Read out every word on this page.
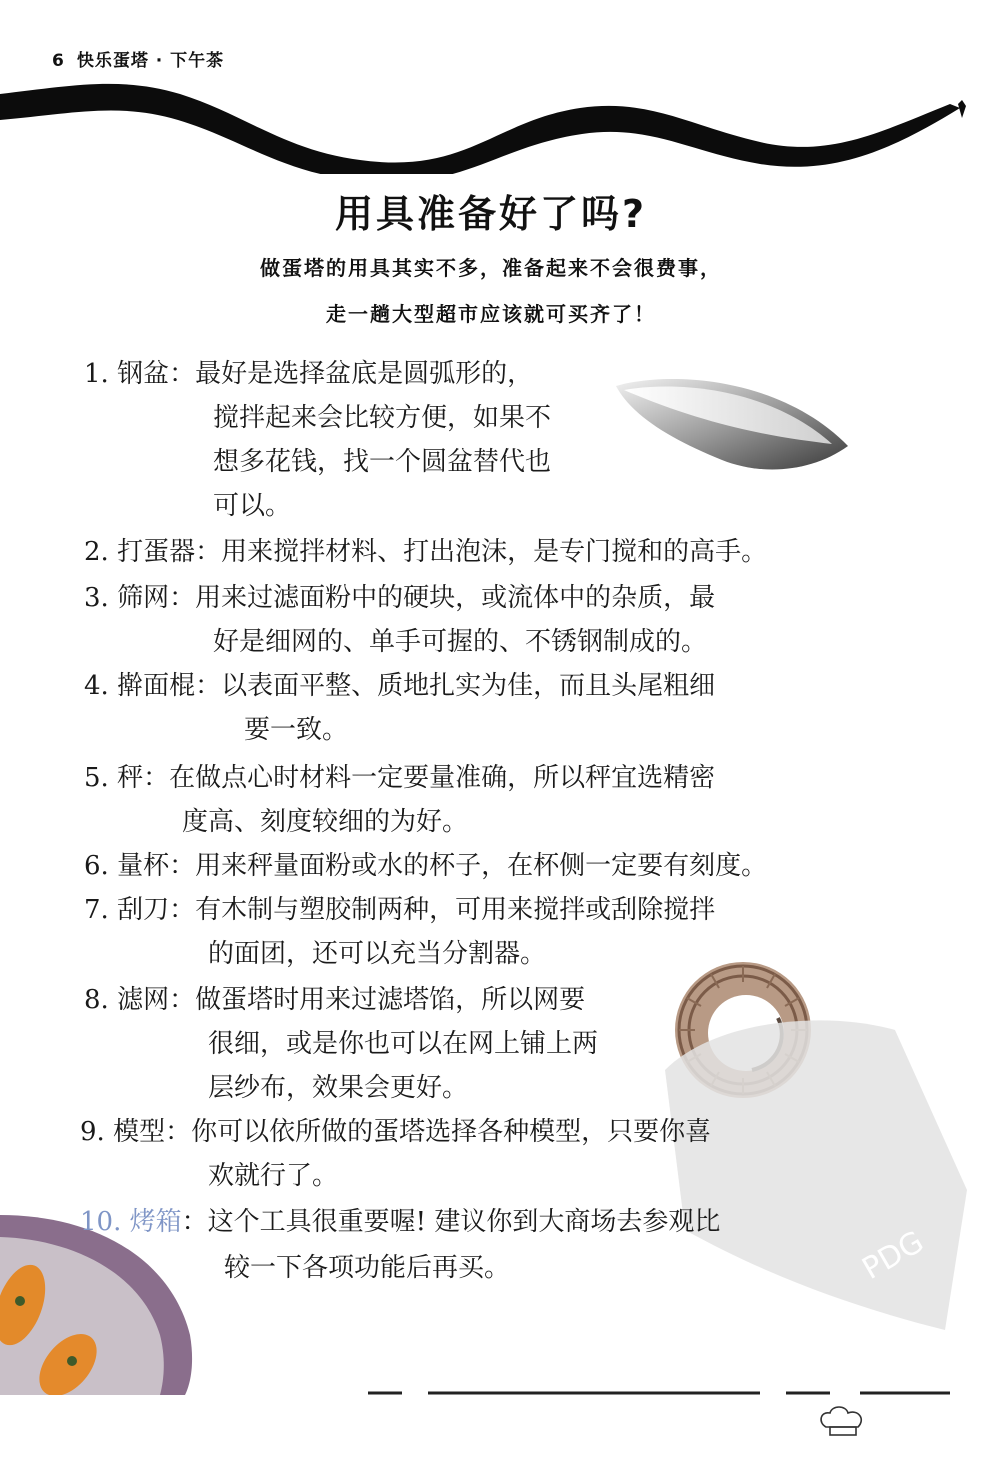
6 快乐蛋塔 · 下午茶
用具准备好了吗?
做蛋塔的用具其实不多，准备起来不会很费事，
走一趟大型超市应该就可买齐了！
PDG
1. 钢盆：最好是选择盆底是圆弧形的，
搅拌起来会比较方便，如果不
想多花钱，找一个圆盆替代也
可以。
2. 打蛋器：用来搅拌材料、打出泡沫，是专门搅和的高手。
3. 筛网：用来过滤面粉中的硬块，或流体中的杂质，最
好是细网的、单手可握的、不锈钢制成的。
4. 擀面棍：以表面平整、质地扎实为佳，而且头尾粗细
要一致。
5. 秤：在做点心时材料一定要量准确，所以秤宜选精密
度高、刻度较细的为好。
6. 量杯：用来秤量面粉或水的杯子，在杯侧一定要有刻度。
7. 刮刀：有木制与塑胶制两种，可用来搅拌或刮除搅拌
的面团，还可以充当分割器。
8. 滤网：做蛋塔时用来过滤塔馅，所以网要
很细，或是你也可以在网上铺上两
层纱布，效果会更好。
9. 模型：你可以依所做的蛋塔选择各种模型，只要你喜
欢就行了。
10. 烤箱：这个工具很重要喔! 建议你到大商场去参观比
较一下各项功能后再买。
